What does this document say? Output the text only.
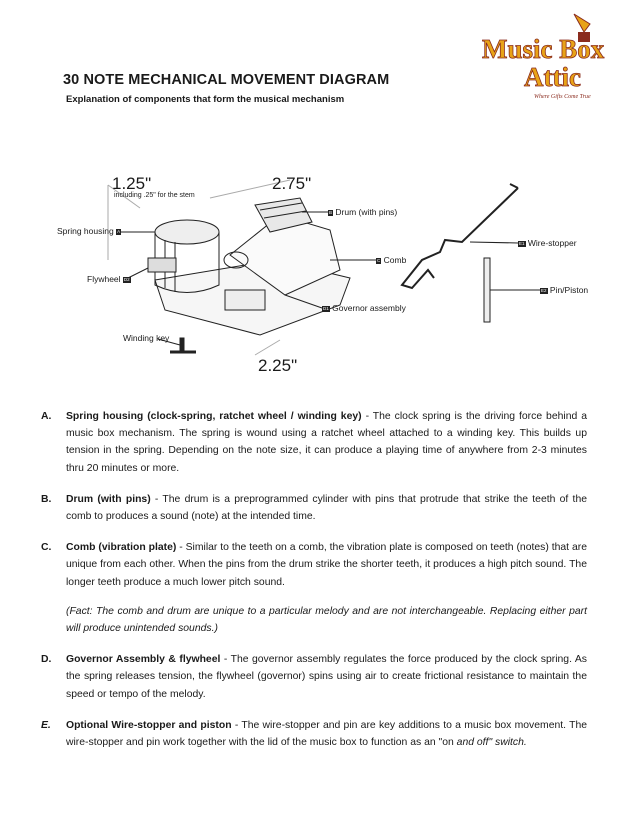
Music Box
Attic
Where Gifts Come True
30 NOTE MECHANICAL MOVEMENT DIAGRAM
Explanation of components that form the musical mechanism
1.25"
including .25" for the stem
2.75"
2.25"
Spring housing A
Flywheel D2
Winding key
B Drum (with pins)
C Comb
D1 Governor assembly
E1 Wire-stopper
E2 Pin/Piston
A. Spring housing (clock-spring, ratchet wheel / winding key) - The clock spring is the driving force behind a music box mechanism. The spring is wound using a ratchet wheel attached to a winding key. This builds up tension in the spring. Depending on the note size, it can produce a playing time of anywhere from 2-3 minutes thru 20 minutes or more.
B. Drum (with pins) - The drum is a preprogrammed cylinder with pins that protrude that strike the teeth of the comb to produces a sound (note) at the intended time.
C. Comb (vibration plate) - Similar to the teeth on a comb, the vibration plate is composed on teeth (notes) that are unique from each other. When the pins from the drum strike the shorter teeth, it produces a high pitch sound. The longer teeth produce a much lower pitch sound.
(Fact: The comb and drum are unique to a particular melody and are not interchangeable. Replacing either part will produce unintended sounds.)
D. Governor Assembly & flywheel - The governor assembly regulates the force produced by the clock spring. As the spring releases tension, the flywheel (governor) spins using air to create frictional resistance to maintain the speed or tempo of the melody.
E. Optional Wire-stopper and piston - The wire-stopper and pin are key additions to a music box movement. The wire-stopper and pin work together with the lid of the music box to function as an "on and off" switch.
